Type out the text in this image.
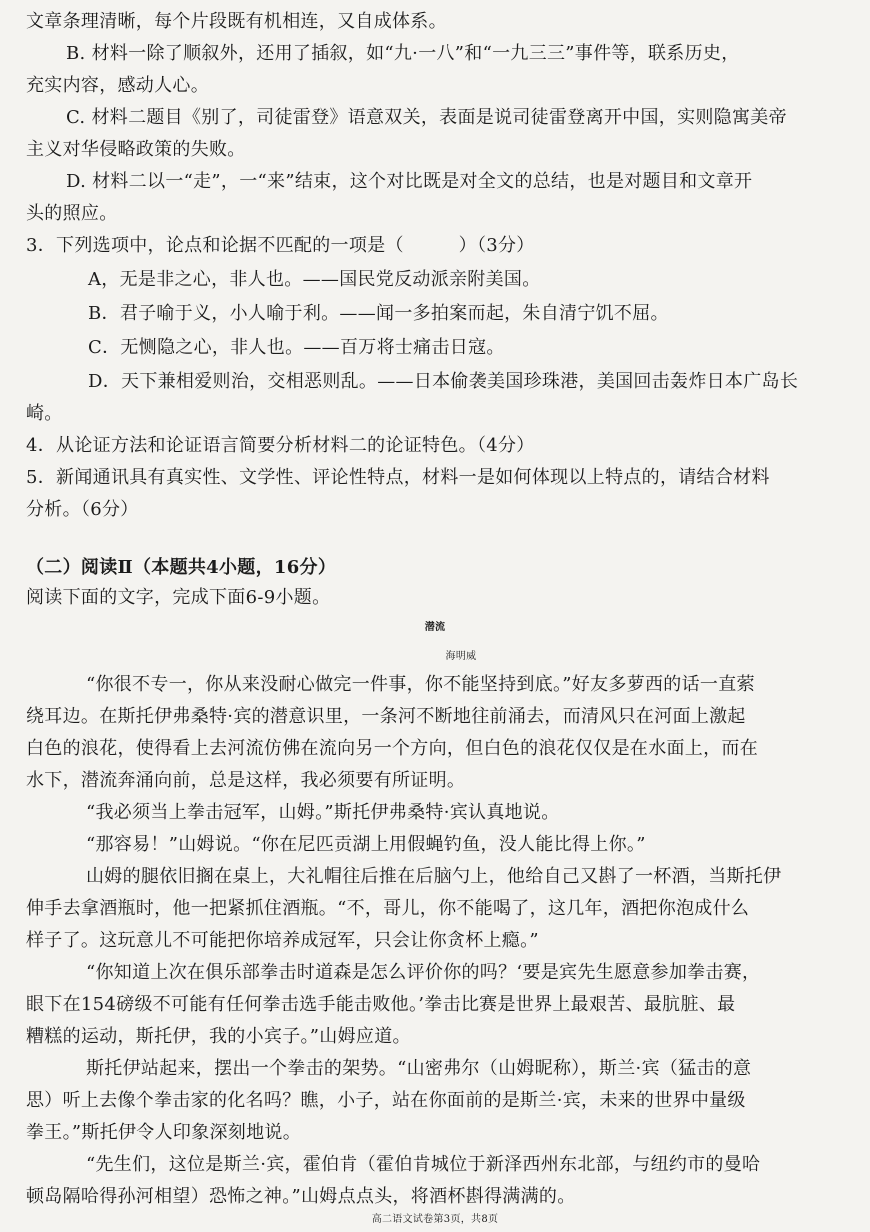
文章条理清晰，每个片段既有机相连，又自成体系。
B. 材料一除了顺叙外，还用了插叙，如“九·一八”和“一九三三”事件等，联系历史，
充实内容，感动人心。
C. 材料二题目《别了，司徒雷登》语意双关，表面是说司徒雷登离开中国，实则隐寓美帝
主义对华侵略政策的失败。
D. 材料二以一“走”，一“来”结束，这个对比既是对全文的总结，也是对题目和文章开
头的照应。
3．下列选项中，论点和论据不匹配的一项是（　　　）（3分）
A，无是非之心，非人也。——国民党反动派亲附美国。
B．君子喻于义，小人喻于利。——闻一多拍案而起，朱自清宁饥不屈。
C．无恻隐之心，非人也。——百万将士痛击日寇。
D．天下兼相爱则治，交相恶则乱。——日本偷袭美国珍珠港，美国回击轰炸日本广岛长
崎。
4．从论证方法和论证语言简要分析材料二的论证特色。（4分）
5．新闻通讯具有真实性、文学性、评论性特点，材料一是如何体现以上特点的，请结合材料
分析。（6分）
（二）阅读Ⅱ（本题共4小题，16分）
阅读下面的文字，完成下面6-9小题。
潜流
海明威
“你很不专一，你从来没耐心做完一件事，你不能坚持到底。”好友多萝西的话一直萦
绕耳边。在斯托伊弗桑特·宾的潜意识里，一条河不断地往前涌去，而清风只在河面上激起
白色的浪花，使得看上去河流仿佛在流向另一个方向，但白色的浪花仅仅是在水面上，而在
水下，潜流奔涌向前，总是这样，我必须要有所证明。
“我必须当上拳击冠军，山姆。”斯托伊弗桑特·宾认真地说。
“那容易！”山姆说。“你在尼匹贡湖上用假蝇钓鱼，没人能比得上你。”
山姆的腿依旧搁在桌上，大礼帽往后推在后脑勺上，他给自己又斟了一杯酒，当斯托伊
伸手去拿酒瓶时，他一把紧抓住酒瓶。“不，哥儿，你不能喝了，这几年，酒把你泡成什么
样子了。这玩意儿不可能把你培养成冠军，只会让你贪杯上瘾。”
“你知道上次在俱乐部拳击时道森是怎么评价你的吗？‘要是宾先生愿意参加拳击赛，
眼下在154磅级不可能有任何拳击选手能击败他。’拳击比赛是世界上最艰苦、最肮脏、最
糟糕的运动，斯托伊，我的小宾子。”山姆应道。
斯托伊站起来，摆出一个拳击的架势。“山密弗尔（山姆昵称），斯兰·宾（猛击的意
思）听上去像个拳击家的化名吗？瞧，小子，站在你面前的是斯兰·宾，未来的世界中量级
拳王。”斯托伊令人印象深刻地说。
“先生们，这位是斯兰·宾，霍伯肯（霍伯肯城位于新泽西州东北部，与纽约市的曼哈
顿岛隔哈得孙河相望）恐怖之神。”山姆点点头，将酒杯斟得满满的。
高二语文试卷第3页，共8页
